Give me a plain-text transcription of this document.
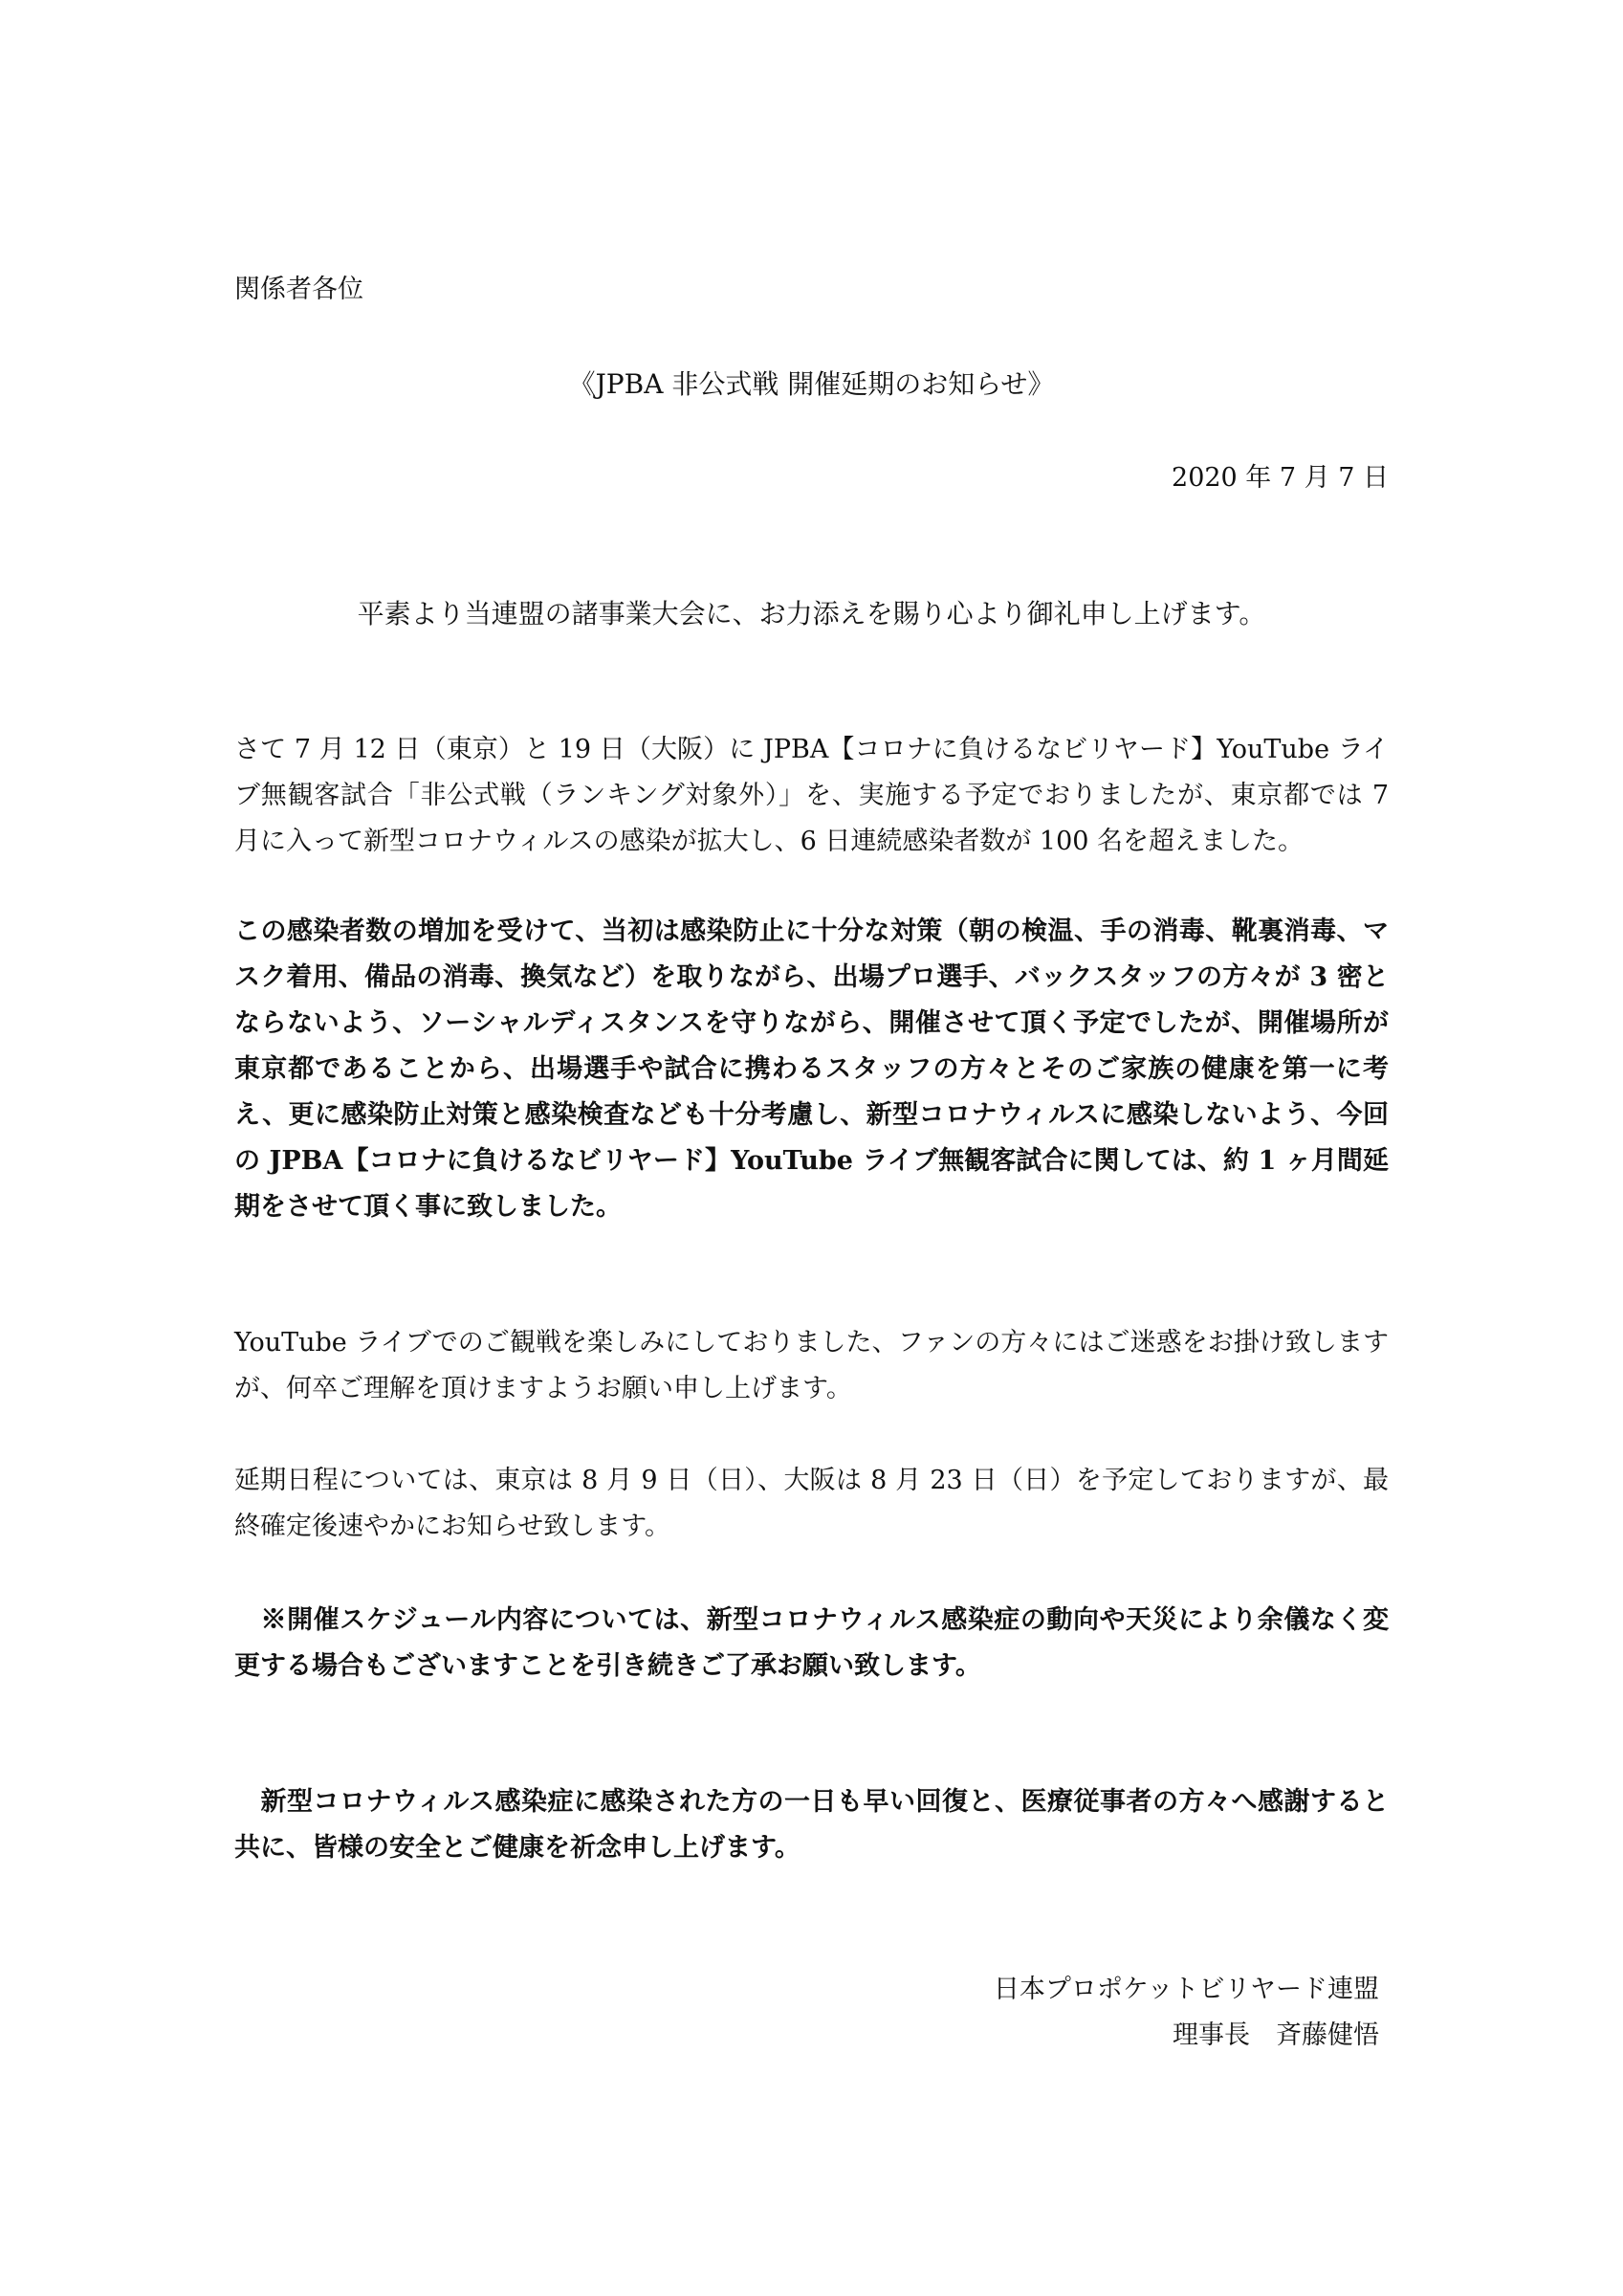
関係者各位
《JPBA 非公式戦 開催延期のお知らせ》
2020 年 7 月 7 日
平素より当連盟の諸事業大会に、お力添えを賜り心より御礼申し上げます。

さて 7 月 12 日（東京）と 19 日（大阪）に JPBA【コロナに負けるなビリヤード】YouTube ライブ無観客試合「非公式戦（ランキング対象外）」を、実施する予定でおりましたが、東京都では 7 月に入って新型コロナウィルスの感染が拡大し、6 日連続感染者数が 100 名を超えました。

この感染者数の増加を受けて、当初は感染防止に十分な対策（朝の検温、手の消毒、靴裏消毒、マスク着用、備品の消毒、換気など）を取りながら、出場プロ選手、バックスタッフの方々が 3 密とならないよう、ソーシャルディスタンスを守りながら、開催させて頂く予定でしたが、開催場所が東京都であることから、出場選手や試合に携わるスタッフの方々とそのご家族の健康を第一に考え、更に感染防止対策と感染検査なども十分考慮し、新型コロナウィルスに感染しないよう、今回の JPBA【コロナに負けるなビリヤード】YouTube ライブ無観客試合に関しては、約 1 ヶ月間延期をさせて頂く事に致しました。

YouTube ライブでのご観戦を楽しみにしておりました、ファンの方々にはご迷惑をお掛け致しますが、何卒ご理解を頂けますようお願い申し上げます。

延期日程については、東京は 8 月 9 日（日）、大阪は 8 月 23 日（日）を予定しておりますが、最終確定後速やかにお知らせ致します。

※開催スケジュール内容については、新型コロナウィルス感染症の動向や天災により余儀なく変更する場合もございますことを引き続きご了承お願い致します。

新型コロナウィルス感染症に感染された方の一日も早い回復と、医療従事者の方々へ感謝すると共に、皆様の安全とご健康を祈念申し上げます。

日本プロポケットビリヤード連盟
理事長　斉藤健悟
